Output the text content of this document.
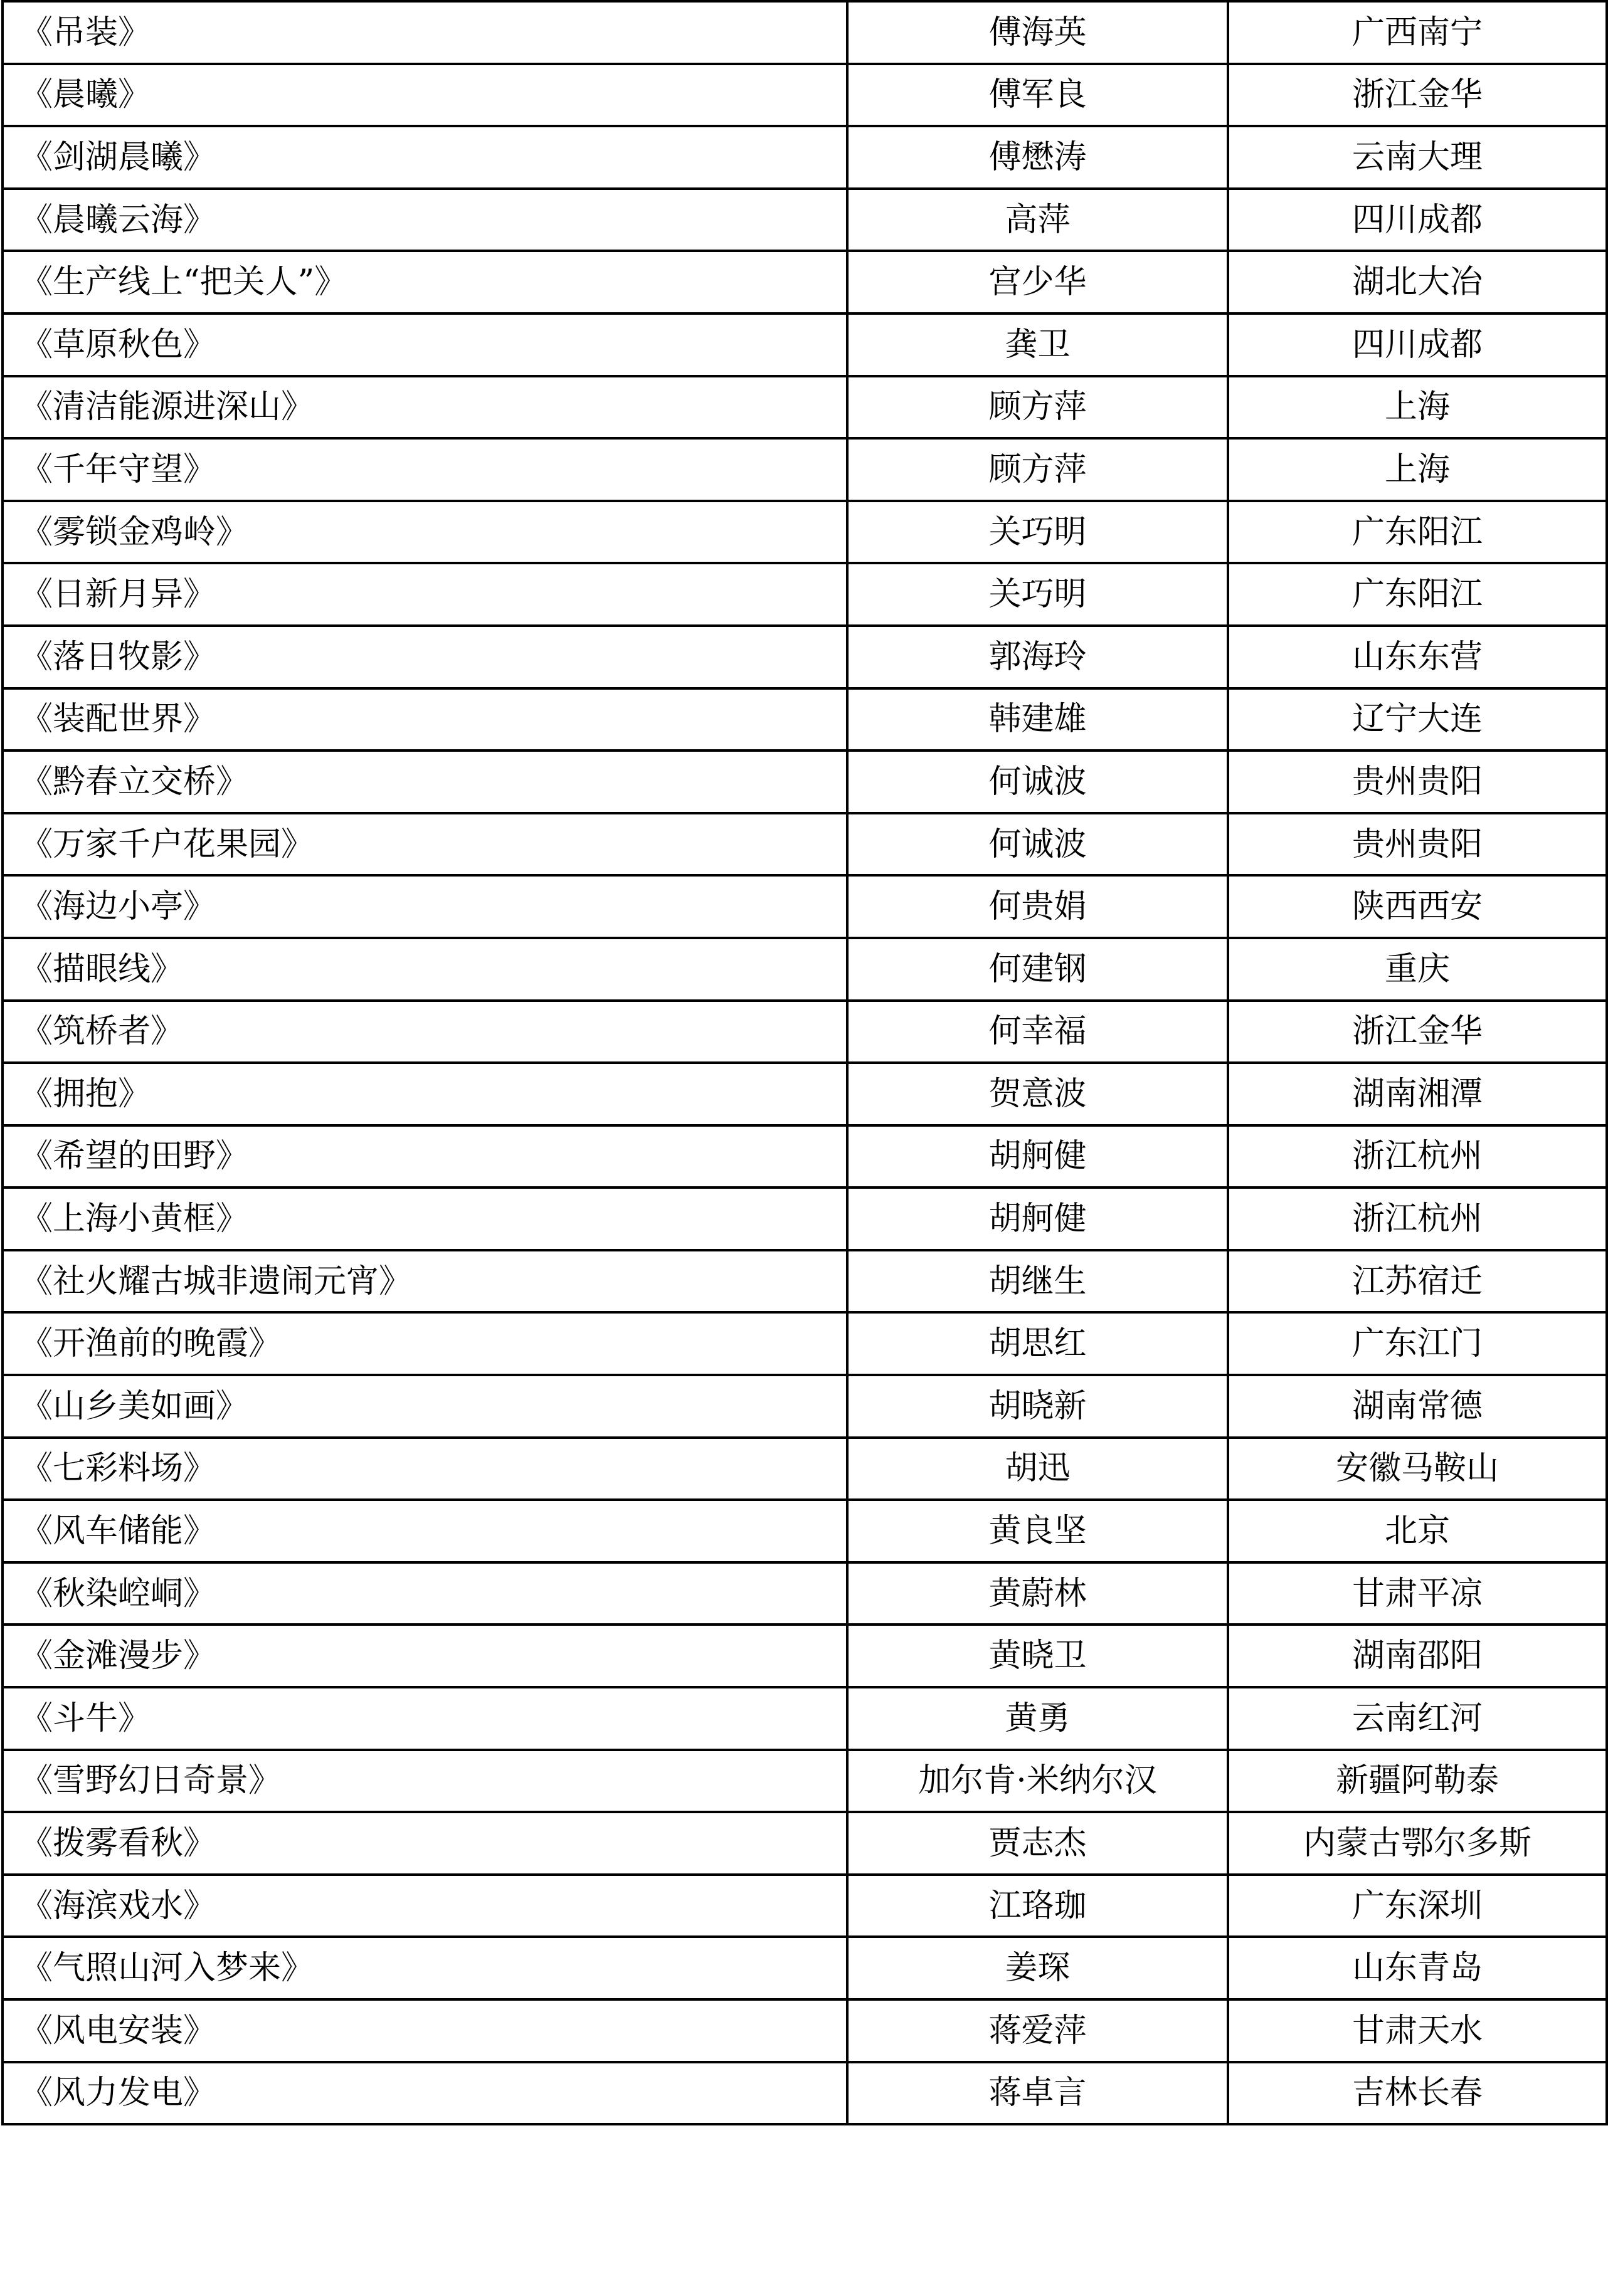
《吊装》	傅海英	广西南宁
《晨曦》	傅军良	浙江金华
《剑湖晨曦》	傅懋涛	云南大理
《晨曦云海》	高萍	四川成都
《生产线上“把关人”》	宫少华	湖北大冶
《草原秋色》	龚卫	四川成都
《清洁能源进深山》	顾方萍	上海
《千年守望》	顾方萍	上海
《雾锁金鸡岭》	关巧明	广东阳江
《日新月异》	关巧明	广东阳江
《落日牧影》	郭海玲	山东东营
《装配世界》	韩建雄	辽宁大连
《黔春立交桥》	何诚波	贵州贵阳
《万家千户花果园》	何诚波	贵州贵阳
《海边小亭》	何贵娟	陕西西安
《描眼线》	何建钢	重庆
《筑桥者》	何幸福	浙江金华
《拥抱》	贺意波	湖南湘潭
《希望的田野》	胡舸健	浙江杭州
《上海小黄框》	胡舸健	浙江杭州
《社火耀古城非遗闹元宵》	胡继生	江苏宿迁
《开渔前的晚霞》	胡思红	广东江门
《山乡美如画》	胡晓新	湖南常德
《七彩料场》	胡迅	安徽马鞍山
《风车储能》	黄良坚	北京
《秋染崆峒》	黄蔚林	甘肃平凉
《金滩漫步》	黄晓卫	湖南邵阳
《斗牛》	黄勇	云南红河
《雪野幻日奇景》	加尔肯·米纳尔汉	新疆阿勒泰
《拨雾看秋》	贾志杰	内蒙古鄂尔多斯
《海滨戏水》	江珞珈	广东深圳
《气照山河入梦来》	姜琛	山东青岛
《风电安装》	蒋爱萍	甘肃天水
《风力发电》	蒋卓言	吉林长春
